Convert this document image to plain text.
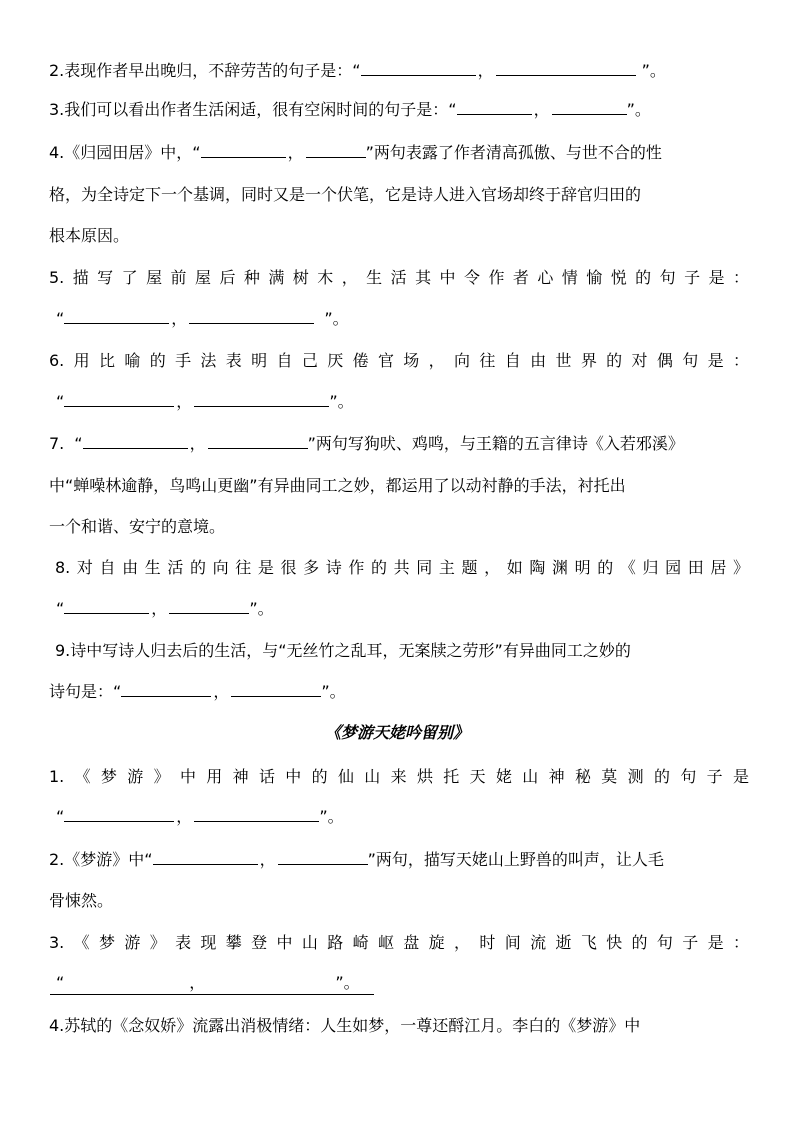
2.表现作者早出晚归，不辞劳苦的句子是：“	，	”。
3.我们可以看出作者生活闲适，很有空闲时间的句子是：“	，	”。
4.《归园田居》中，“	，	”两句表露了作者清高孤傲、与世不合的性
格，为全诗定下一个基调，同时又是一个伏笔，它是诗人进入官场却终于辞官归田的
根本原因。
5.描写了屋前屋后种满树木，生活其中令作者心情愉悦的句子是：
“	，	”。
6.用比喻的手法表明自己厌倦官场，向往自由世界的对偶句是：
“	，	”。
7. “	，	”两句写狗吠、鸡鸣，与王籍的五言律诗《入若邪溪》
中“蝉噪林逾静，鸟鸣山更幽”有异曲同工之妙，都运用了以动衬静的手法，衬托出
一个和谐、安宁的意境。
8.对自由生活的向往是很多诗作的共同主题，如陶渊明的《归园田居》
“	，	”。
9.诗中写诗人归去后的生活，与“无丝竹之乱耳，无案牍之劳形”有异曲同工之妙的
诗句是：“	，	”。
《梦游天姥吟留别》
1.《梦游》中用神话中的仙山来烘托天姥山神秘莫测的句子是
“	，	”。
2.《梦游》中“	，	”两句，描写天姥山上野兽的叫声，让人毛
骨悚然。
3.《梦游》表现攀登中山路崎岖盘旋，时间流逝飞快的句子是：
“	，	”。
4.苏轼的《念奴娇》流露出消极情绪：人生如梦，一尊还酹江月。李白的《梦游》中
